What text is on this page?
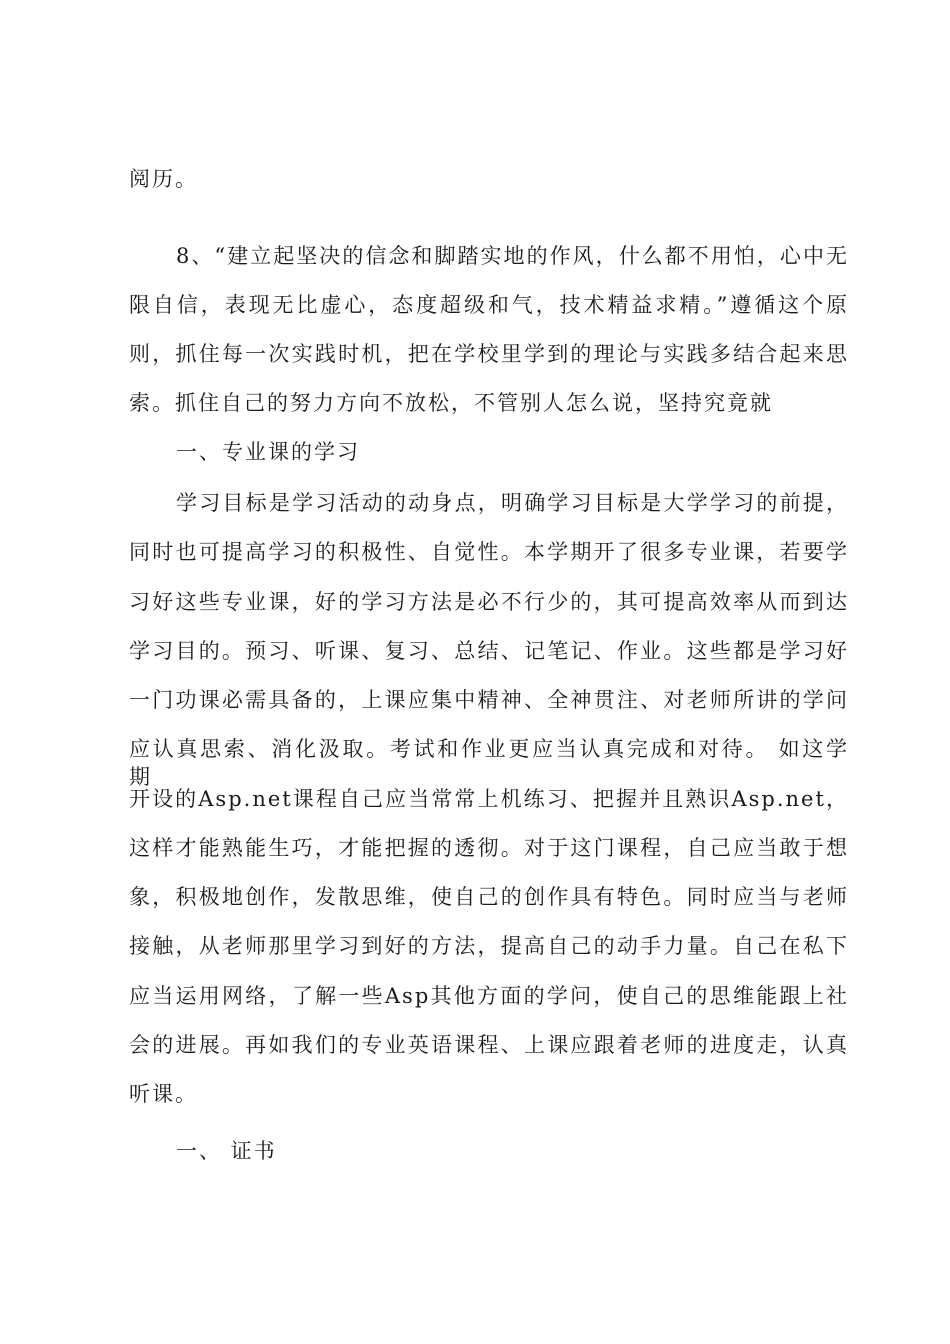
阅历。
8、“建立起坚决的信念和脚踏实地的作风，什么都不用怕，心中无
限自信，表现无比虚心，态度超级和气，技术精益求精。”遵循这个原
则，抓住每一次实践时机，把在学校里学到的理论与实践多结合起来思
索。抓住自己的努力方向不放松，不管别人怎么说，坚持究竟就
一、专业课的学习
学习目标是学习活动的动身点，明确学习目标是大学学习的前提，
同时也可提高学习的积极性、自觉性。本学期开了很多专业课，若要学
习好这些专业课，好的学习方法是必不行少的，其可提高效率从而到达
学习目的。预习、听课、复习、总结、记笔记、作业。这些都是学习好
一门功课必需具备的，上课应集中精神、全神贯注、对老师所讲的学问
应认真思索、消化汲取。考试和作业更应当认真完成和对待。 如这学期
开设的Asp.net课程自己应当常常上机练习、把握并且熟识Asp.net，
这样才能熟能生巧，才能把握的透彻。对于这门课程，自己应当敢于想
象，积极地创作，发散思维，使自己的创作具有特色。同时应当与老师
接触，从老师那里学习到好的方法，提高自己的动手力量。自己在私下
应当运用网络，了解一些Asp其他方面的学问，使自己的思维能跟上社
会的进展。再如我们的专业英语课程、上课应跟着老师的进度走，认真
听课。
一、 证书
